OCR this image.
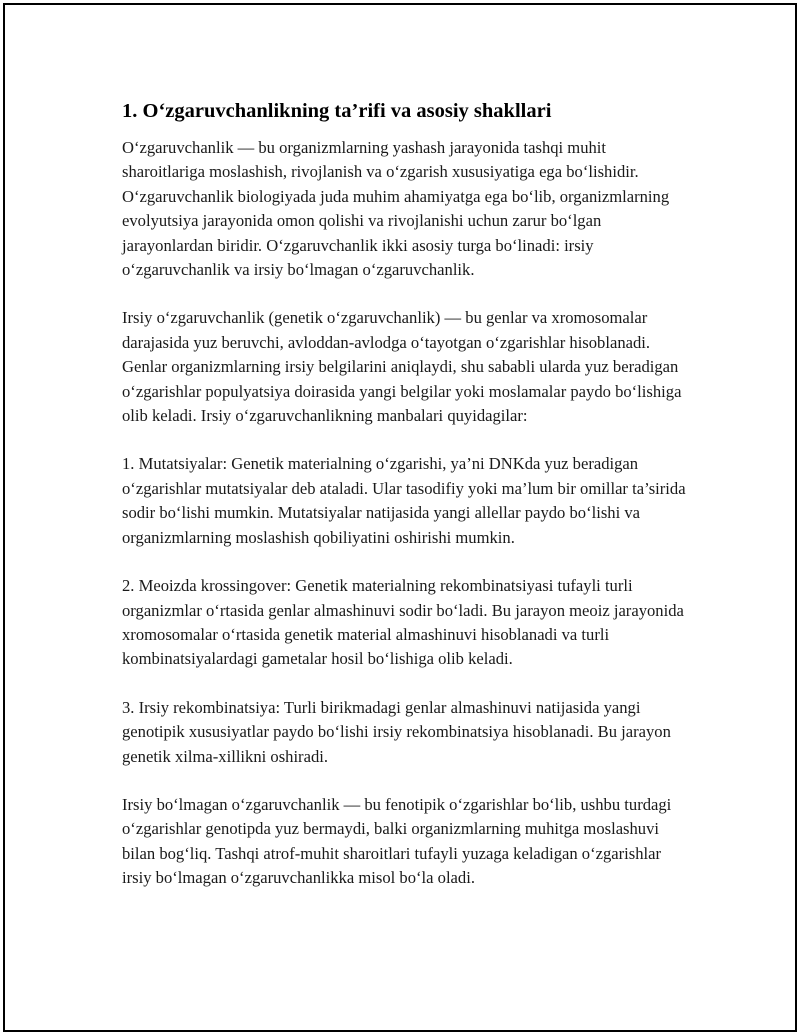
1. O‘zgaruvchanlikning ta’rifi va asosiy shakllari

O‘zgaruvchanlik — bu organizmlarning yashash jarayonida tashqi muhit sharoitlariga moslashish, rivojlanish va o‘zgarish xususiyatiga ega bo‘lishidir. O‘zgaruvchanlik biologiyada juda muhim ahamiyatga ega bo‘lib, organizmlarning evolyutsiya jarayonida omon qolishi va rivojlanishi uchun zarur bo‘lgan jarayonlardan biridir. O‘zgaruvchanlik ikki asosiy turga bo‘linadi: irsiy o‘zgaruvchanlik va irsiy bo‘lmagan o‘zgaruvchanlik.

Irsiy o‘zgaruvchanlik (genetik o‘zgaruvchanlik) — bu genlar va xromosomalar darajasida yuz beruvchi, avloddan-avlodga o‘tayotgan o‘zgarishlar hisoblanadi. Genlar organizmlarning irsiy belgilarini aniqlaydi, shu sababli ularda yuz beradigan o‘zgarishlar populyatsiya doirasida yangi belgilar yoki moslamalar paydo bo‘lishiga olib keladi. Irsiy o‘zgaruvchanlikning manbalari quyidagilar:

1. Mutatsiyalar: Genetik materialning o‘zgarishi, ya’ni DNKda yuz beradigan o‘zgarishlar mutatsiyalar deb ataladi. Ular tasodifiy yoki ma’lum bir omillar ta’sirida sodir bo‘lishi mumkin. Mutatsiyalar natijasida yangi allellar paydo bo‘lishi va organizmlarning moslashish qobiliyatini oshirishi mumkin.

2. Meoizda krossingover: Genetik materialning rekombinatsiyasi tufayli turli organizmlar o‘rtasida genlar almashinuvi sodir bo‘ladi. Bu jarayon meoiz jarayonida xromosomalar o‘rtasida genetik material almashinuvi hisoblanadi va turli kombinatsiyalardagi gametalar hosil bo‘lishiga olib keladi.

3. Irsiy rekombinatsiya: Turli birikmadagi genlar almashinuvi natijasida yangi genotipik xususiyatlar paydo bo‘lishi irsiy rekombinatsiya hisoblanadi. Bu jarayon genetik xilma-xillikni oshiradi.

Irsiy bo‘lmagan o‘zgaruvchanlik — bu fenotipik o‘zgarishlar bo‘lib, ushbu turdagi o‘zgarishlar genotipda yuz bermaydi, balki organizmlarning muhitga moslashuvi bilan bog‘liq. Tashqi atrof-muhit sharoitlari tufayli yuzaga keladigan o‘zgarishlar irsiy bo‘lmagan o‘zgaruvchanlikka misol bo‘la oladi.
